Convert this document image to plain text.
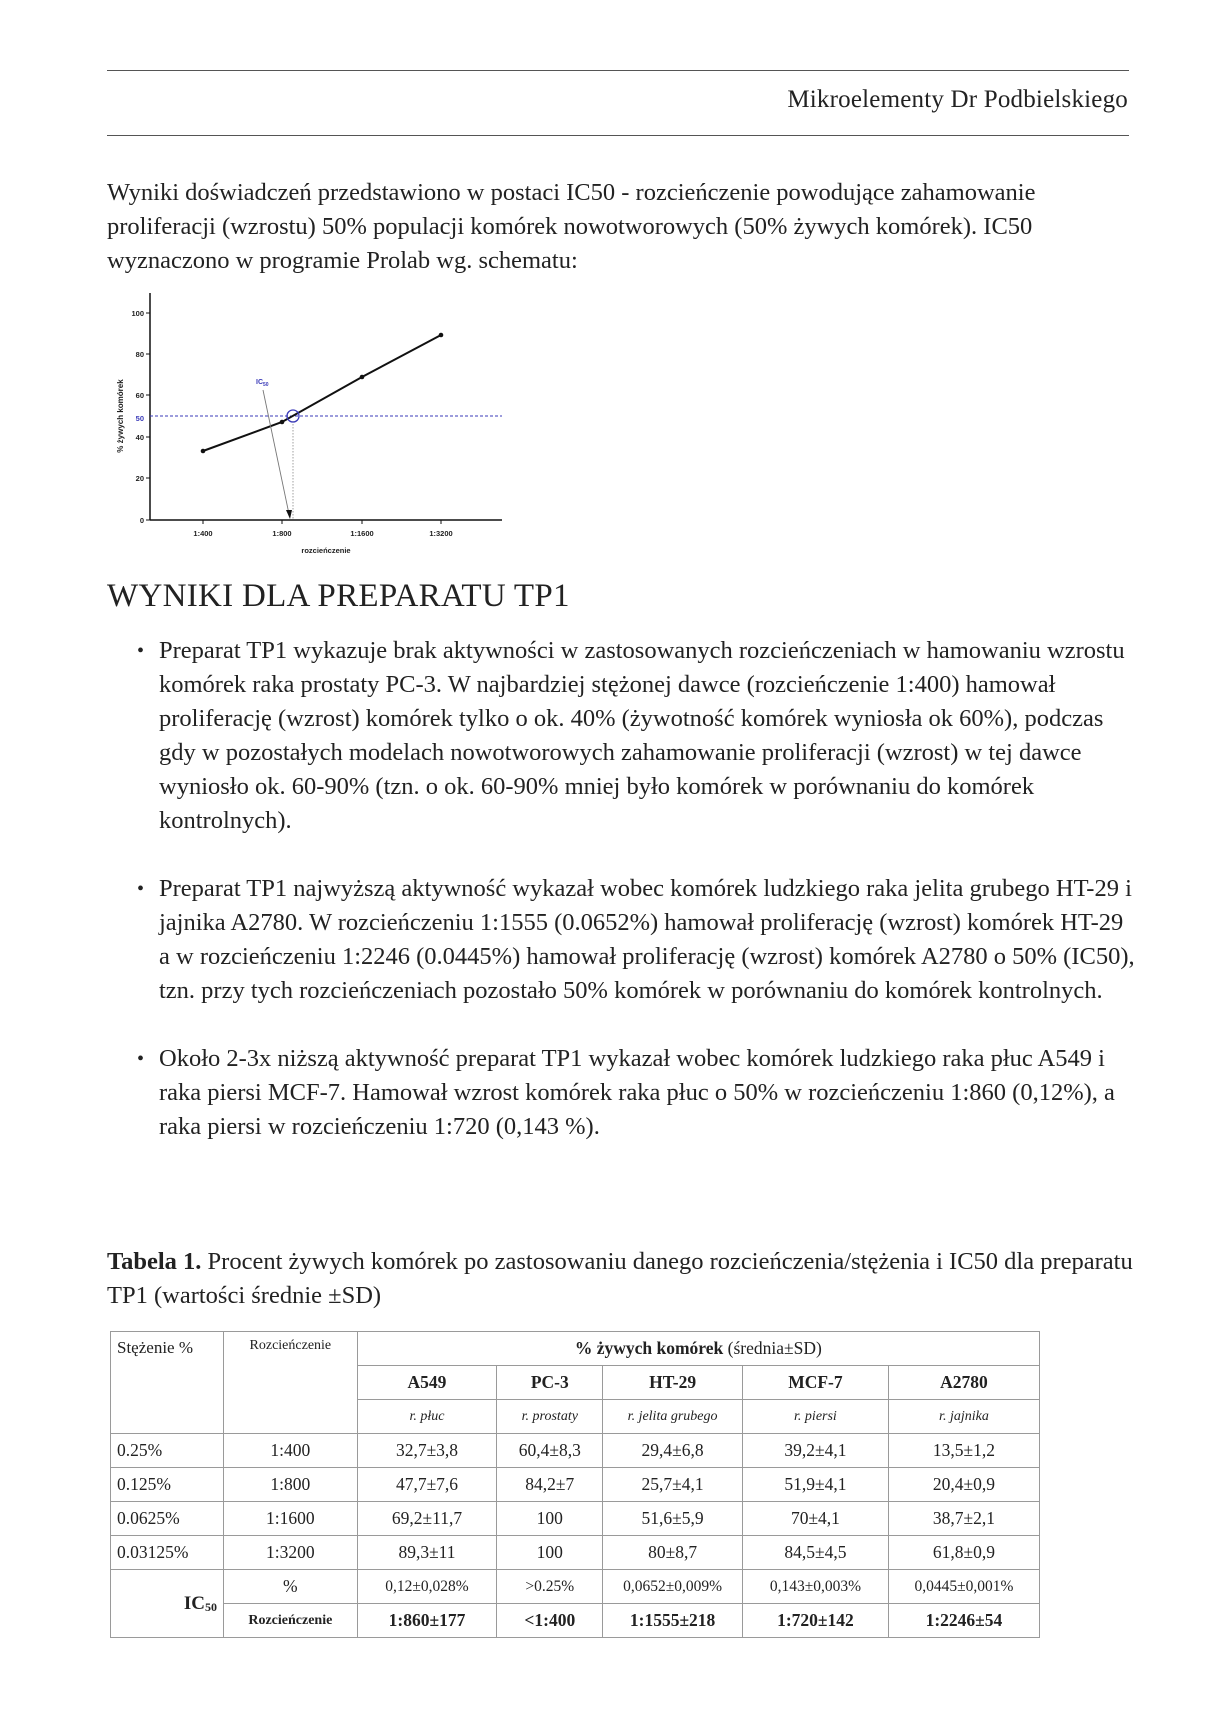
Mikroelementy Dr Podbielskiego
Wyniki doświadczeń przedstawiono w postaci IC50 - rozcieńczenie powodujące zahamowanie proliferacji (wzrostu) 50% populacji komórek nowotworowych (50% żywych komórek). IC50 wyznaczono w programie Prolab wg. schematu:
0
20
40
60
80
100
50
% żywych komórek
1:400	1:800	1:1600	1:3200
rozcieńczenie
$IC_{50}$
WYNIKI DLA PREPARATU TP1
• Preparat TP1 wykazuje brak aktywności w zastosowanych rozcieńczeniach w hamowaniu wzrostu komórek raka prostaty PC-3. W najbardziej stężonej dawce (rozcieńczenie 1:400) hamował proliferację (wzrost) komórek tylko o ok. 40% (żywotność komórek wyniosła ok 60%), podczas gdy w pozostałych modelach nowotworowych zahamowanie proliferacji (wzrost) w tej dawce wyniosło ok. 60-90% (tzn. o ok. 60-90% mniej było komórek w porównaniu do komórek kontrolnych).
• Preparat TP1 najwyższą aktywność wykazał wobec komórek ludzkiego raka jelita grubego HT-29 i jajnika A2780. W rozcieńczeniu 1:1555 (0.0652%) hamował proliferację (wzrost) komórek HT-29
a w rozcieńczeniu 1:2246 (0.0445%) hamował proliferację (wzrost) komórek A2780 o 50% (IC50), tzn. przy tych rozcieńczeniach pozostało 50% komórek w porównaniu do komórek kontrolnych.
• Około 2-3x niższą aktywność preparat TP1 wykazał wobec komórek ludzkiego raka płuc A549 i raka piersi MCF-7. Hamował wzrost komórek raka płuc o 50% w rozcieńczeniu 1:860 (0,12%), a raka piersi w rozcieńczeniu 1:720 (0,143 %).
Tabela 1. Procent żywych komórek po zastosowaniu danego rozcieńczenia/stężenia i IC50 dla preparatu TP1 (wartości średnie ±SD)
Stężenie %	Rozcieńczenie	% żywych komórek (średnia±SD)				
		A549	PC-3	HT-29	MCF-7	A2780
		r. płuc	r. prostaty	r. jelita grubego	r. piersi	r. jajnika
0.25%	1:400	32,7±3,8	60,4±8,3	29,4±6,8	39,2±4,1	13,5±1,2
0.125%	1:800	47,7±7,6	84,2±7	25,7±4,1	51,9±4,1	20,4±0,9
0.0625%	1:1600	69,2±11,7	100	51,6±5,9	70±4,1	38,7±2,1
0.03125%	1:3200	89,3±11	100	80±8,7	84,5±4,5	61,8±0,9
$IC_{50}$	%	0,12±0,028%	>0.25%	0,0652±0,009%	0,143±0,003%	0,0445±0,001%
	Rozcieńczenie	1:860±177	<1:400	1:1555±218	1:720±142	1:2246±54
